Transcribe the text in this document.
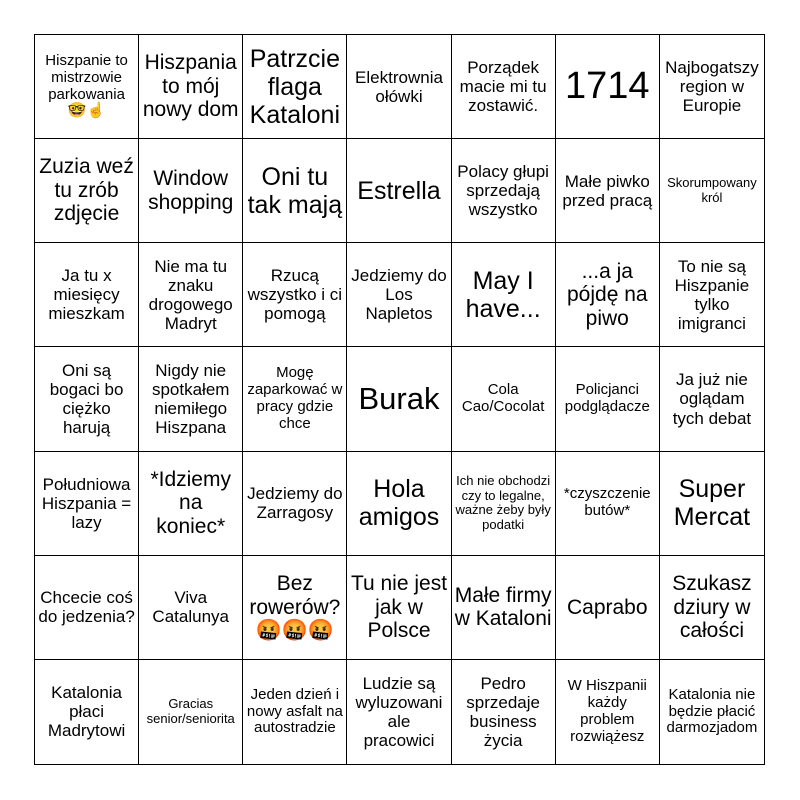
Hiszpanie to mistrzowie parkowania 🤓☝️
Hiszpania to mój nowy dom
Patrzcie flaga Kataloni
Elektrownia ołówki
Porządek macie mi tu zostawić. 1714 Najbogatszy region w Europie
Zuzia weź tu zrób zdjęcie
Window shopping
Oni tu tak mają Estrella
Polacy głupi sprzedają wszystko
Małe piwko przed pracą
Skorumpowany król
Ja tu x miesięcy mieszkam
Nie ma tu znaku drogowego Madryt
Rzucą wszystko i ci pomogą
Jedziemy do Los Napletos
May I have...
...a ja pójdę na piwo
To nie są Hiszpanie tylko imigranci
Oni są bogaci bo ciężko harują
Nigdy nie spotkałem niemiłego Hiszpana
Mogę zaparkować w pracy gdzie chce
Burak	Cola Cao/Cocolat
Policjanci podglądacze
Ja już nie oglądam tych debat
Południowa Hiszpania = lazy
*Idziemy na koniec*
Jedziemy do Zarragosy
Hola amigos
Ich nie obchodzi czy to legalne, ważne żeby były podatki
*czyszczenie butów*
Super Mercat
Chcecie coś do jedzenia?
Viva Catalunya
Bez rowerów? 🤬🤬🤬
Tu nie jest jak w Polsce
Małe firmy w Kataloni
Caprabo
Szukasz dziury w całości
Katalonia płaci Madrytowi
Gracias senior/seniorita
Jeden dzień i nowy asfalt na autostradzie
Ludzie są wyluzowani ale pracowici
Pedro sprzedaje business życia
W Hiszpanii każdy problem rozwiążesz
Katalonia nie będzie płacić darmozjadom
